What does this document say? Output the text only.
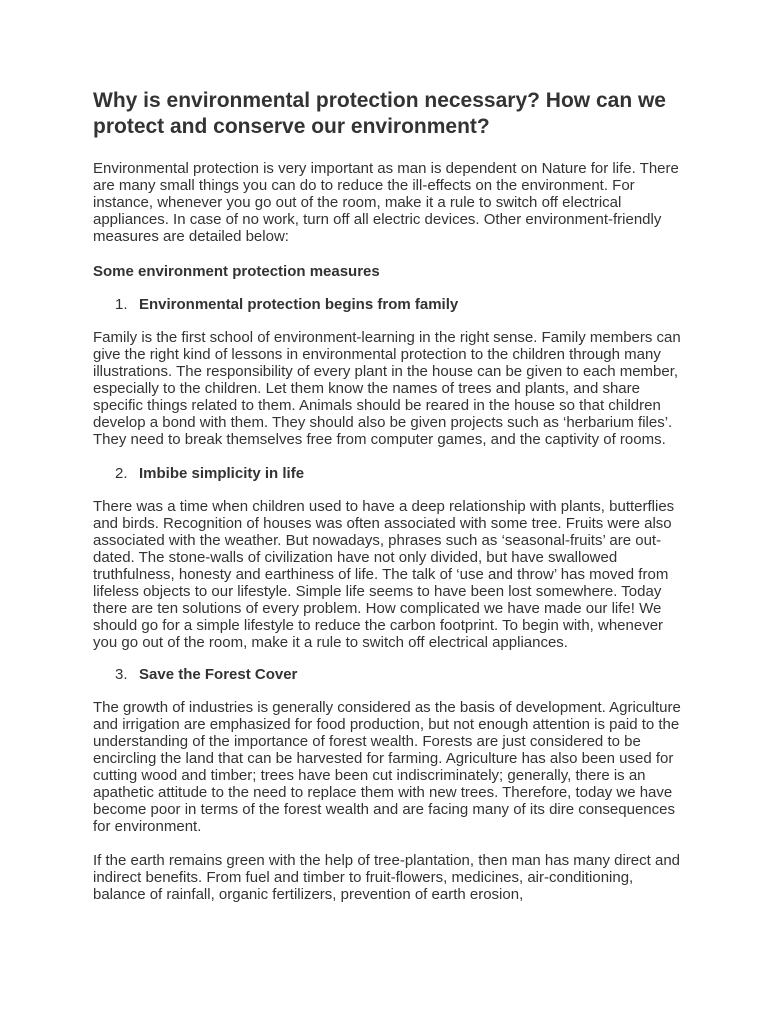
Why is environmental protection necessary? How can we protect and conserve our environment?

Environmental protection is very important as man is dependent on Nature for life. There are many small things you can do to reduce the ill-effects on the environment. For instance, whenever you go out of the room, make it a rule to switch off electrical appliances. In case of no work, turn off all electric devices. Other environment-friendly measures are detailed below:

Some environment protection measures

1. Environmental protection begins from family

Family is the first school of environment-learning in the right sense. Family members can give the right kind of lessons in environmental protection to the children through many illustrations. The responsibility of every plant in the house can be given to each member, especially to the children. Let them know the names of trees and plants, and share specific things related to them. Animals should be reared in the house so that children develop a bond with them. They should also be given projects such as ‘herbarium files’. They need to break themselves free from computer games, and the captivity of rooms.

2. Imbibe simplicity in life

There was a time when children used to have a deep relationship with plants, butterflies and birds. Recognition of houses was often associated with some tree. Fruits were also associated with the weather. But nowadays, phrases such as ‘seasonal-fruits’ are out-dated. The stone-walls of civilization have not only divided, but have swallowed truthfulness, honesty and earthiness of life. The talk of ‘use and throw’ has moved from lifeless objects to our lifestyle. Simple life seems to have been lost somewhere. Today there are ten solutions of every problem. How complicated we have made our life! We should go for a simple lifestyle to reduce the carbon footprint. To begin with, whenever you go out of the room, make it a rule to switch off electrical appliances.

3. Save the Forest Cover

The growth of industries is generally considered as the basis of development. Agriculture and irrigation are emphasized for food production, but not enough attention is paid to the understanding of the importance of forest wealth. Forests are just considered to be encircling the land that can be harvested for farming. Agriculture has also been used for cutting wood and timber; trees have been cut indiscriminately; generally, there is an apathetic attitude to the need to replace them with new trees. Therefore, today we have become poor in terms of the forest wealth and are facing many of its dire consequences for environment.

If the earth remains green with the help of tree-plantation, then man has many direct and indirect benefits. From fuel and timber to fruit-flowers, medicines, air-conditioning, balance of rainfall, organic fertilizers, prevention of earth erosion,
